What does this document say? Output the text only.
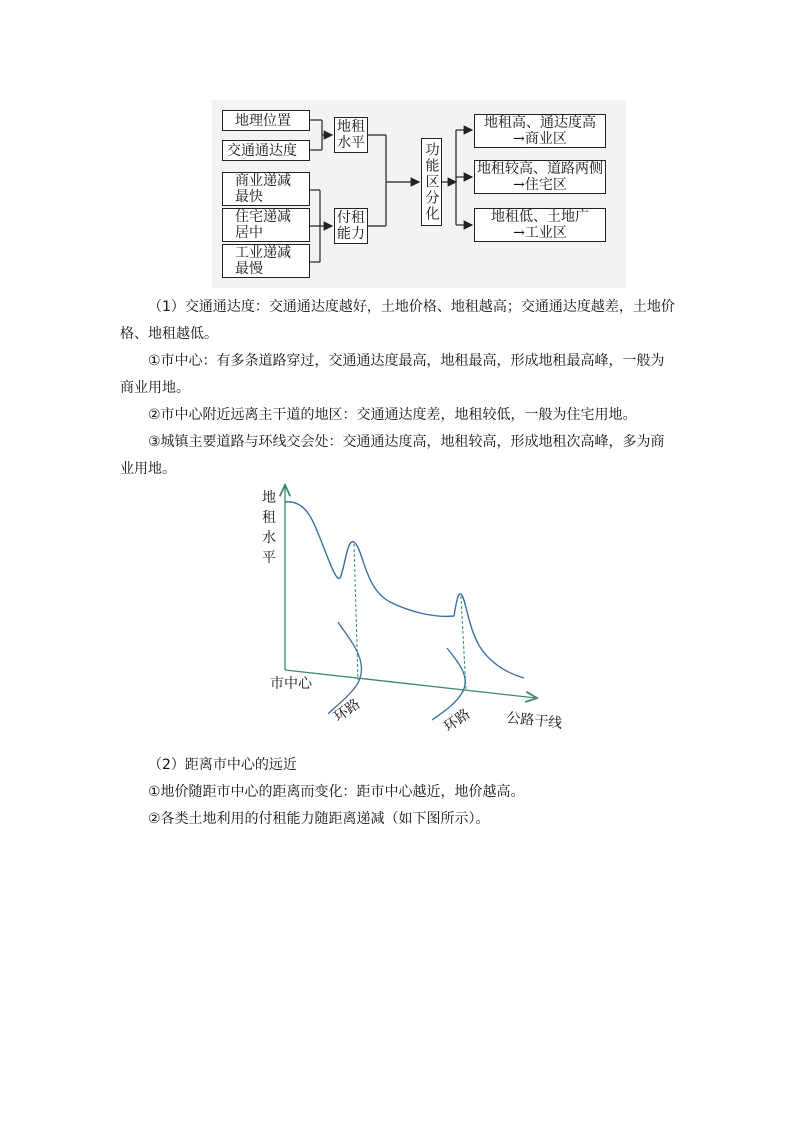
地理位置
交通通达度
商业递减
最快
住宅递减
居中
工业递减
最慢
地租
水平
付租
能力
功能区分化
地租高、通达度高
→商业区
地租较高、道路两侧
→住宅区
地租低、土地广
→工业区

（1）交通通达度：交通通达度越好，土地价格、地租越高；交通通达度越差，土地价格、地租越低。

①市中心：有多条道路穿过，交通通达度最高，地租最高，形成地租最高峰，一般为商业用地。

②市中心附近远离主干道的地区：交通通达度差，地租较低，一般为住宅用地。

③城镇主要道路与环线交会处：交通通达度高，地租较高，形成地租次高峰，多为商业用地。

地
租
水
平
市中心
公路干线
环路	环路

（2）距离市中心的远近

①地价随距市中心的距离而变化：距市中心越近，地价越高。

②各类土地利用的付租能力随距离递减（如下图所示）。
